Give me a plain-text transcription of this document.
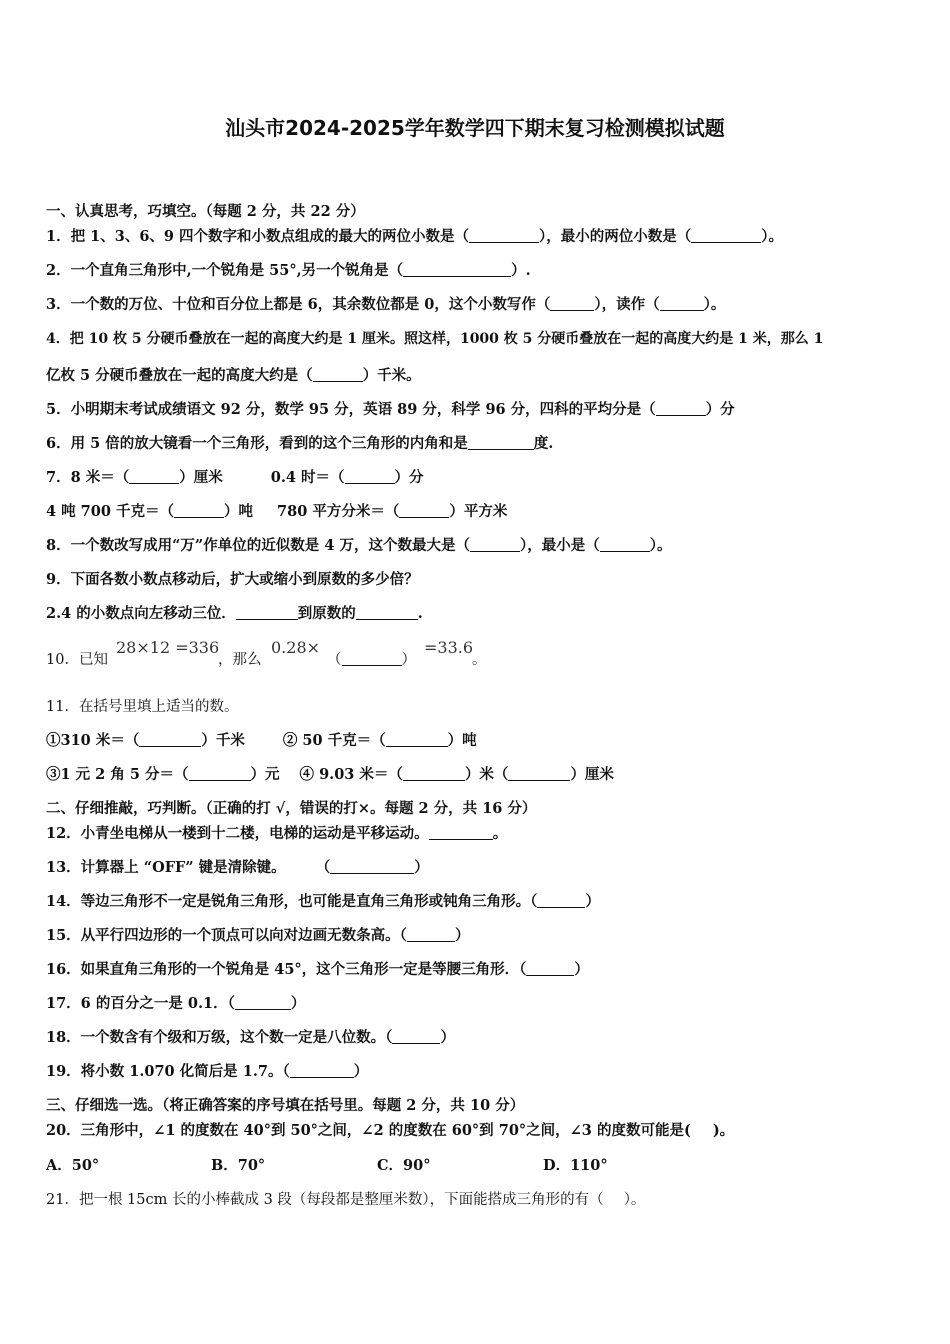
汕头市2024-2025学年数学四下期末复习检测模拟试题
一、认真思考，巧填空。（每题 2 分，共 22 分）
1．把 1、3、6、9 四个数字和小数点组成的最大的两位小数是（	），最小的两位小数是（	）。
2．一个直角三角形中,一个锐角是 55°,另一个锐角是（	）.
3．一个数的万位、十位和百分位上都是 6，其余数位都是 0，这个小数写作（	），读作（	）。
4．把 10 枚 5 分硬币叠放在一起的高度大约是 1 厘米。照这样，1000 枚 5 分硬币叠放在一起的高度大约是 1 米，那么 1
亿枚 5 分硬币叠放在一起的高度大约是（	）千米。
5．小明期末考试成绩语文 92 分，数学 95 分，英语 89 分，科学 96 分，四科的平均分是（	）分
6．用 5 倍的放大镜看一个三角形，看到的这个三角形的内角和是	度.
7．8 米＝（	）厘米	0.4 时＝（	）分
4 吨 700 千克＝（	）吨 780 平方分米＝（	）平方米
8．一个数改写成用“万”作单位的近似数是 4 万，这个数最大是（	），最小是（	）。
9．下面各数小数点移动后，扩大或缩小到原数的多少倍？
2.4 的小数点向左移动三位．	到原数的	.
10．已知
28×12 =336
，那么
0.28×
（	）
=33.6
。
11．在括号里填上适当的数。
①310 米＝（	）千米	② 50 千克＝（	）吨
③1 元 2 角 5 分＝（	）元 ④ 9.03 米＝（	）米（	）厘米
二、仔细推敲，巧判断。（正确的打 √，错误的打×。每题 2 分，共 16 分）
12．小青坐电梯从一楼到十二楼，电梯的运动是平移运动。	。
13．计算器上 “OFF” 键是清除键。 （	）
14．等边三角形不一定是锐角三角形，也可能是直角三角形或钝角三角形。（	）
15．从平行四边形的一个顶点可以向对边画无数条高。（	）
16．如果直角三角形的一个锐角是 45°，这个三角形一定是等腰三角形．（	）
17．6 的百分之一是 0.1．（	）
18．一个数含有个级和万级，这个数一定是八位数。（	）
19．将小数 1.070 化简后是 1.7。（	）
三、仔细选一选。（将正确答案的序号填在括号里。每题 2 分，共 10 分）
20．三角形中，∠1 的度数在 40°到 50°之间，∠2 的度数在 60°到 70°之间，∠3 的度数可能是( )。
A．50°	B．70°	C．90°	D．110°
21．把一根 15cm 长的小棒截成 3 段（每段都是整厘米数），下面能搭成三角形的有（ ）。
